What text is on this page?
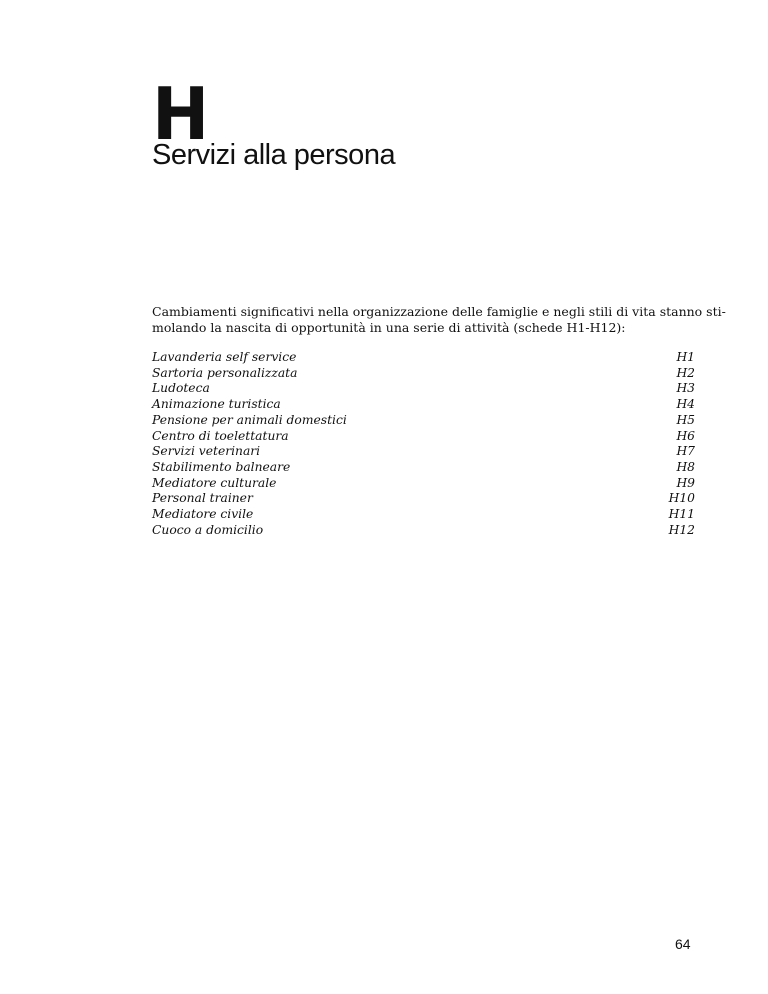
H
Servizi alla persona

Cambiamenti significativi nella organizzazione delle famiglie e negli stili di vita stanno sti-
molando la nascita di opportunità in una serie di attività (schede H1-H12):

Lavanderia self service	H1
Sartoria personalizzata	H2
Ludoteca	H3
Animazione turistica	H4
Pensione per animali domestici	H5
Centro di toelettatura	H6
Servizi veterinari	H7
Stabilimento balneare	H8
Mediatore culturale	H9
Personal trainer	H10
Mediatore civile	H11
Cuoco a domicilio	H12
64
